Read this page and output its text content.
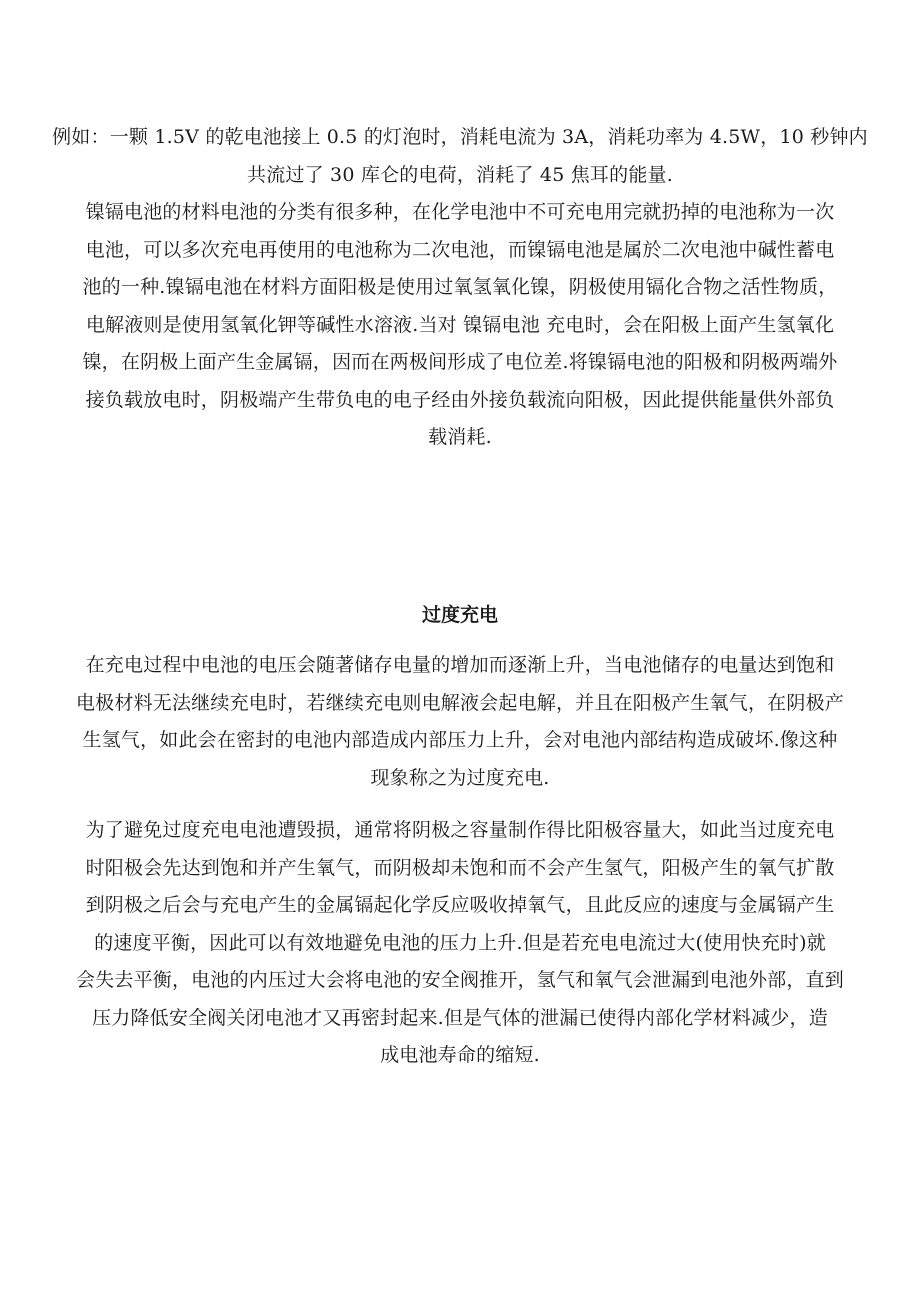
例如：一颗 1.5V 的乾电池接上 0.5 的灯泡时，消耗电流为 3A，消耗功率为 4.5W，10 秒钟内
共流过了 30 库仑的电荷，消耗了 45 焦耳的能量.

镍镉电池的材料电池的分类有很多种，在化学电池中不可充电用完就扔掉的电池称为一次
电池，可以多次充电再使用的电池称为二次电池，而镍镉电池是属於二次电池中碱性蓄电
池的一种.镍镉电池在材料方面阳极是使用过氧氢氧化镍，阴极使用镉化合物之活性物质，
电解液则是使用氢氧化钾等碱性水溶液.当对 镍镉电池 充电时，会在阳极上面产生氢氧化
镍，在阴极上面产生金属镉，因而在两极间形成了电位差.将镍镉电池的阳极和阴极两端外
接负载放电时，阴极端产生带负电的电子经由外接负载流向阳极，因此提供能量供外部负
载消耗.

过度充电

在充电过程中电池的电压会随著储存电量的增加而逐渐上升，当电池储存的电量达到饱和
电极材料无法继续充电时，若继续充电则电解液会起电解，并且在阳极产生氧气，在阴极产
生氢气，如此会在密封的电池内部造成内部压力上升，会对电池内部结构造成破坏.像这种
现象称之为过度充电.

为了避免过度充电电池遭毁损，通常将阴极之容量制作得比阳极容量大，如此当过度充电
时阳极会先达到饱和并产生氧气，而阴极却未饱和而不会产生氢气，阳极产生的氧气扩散
到阴极之后会与充电产生的金属镉起化学反应吸收掉氧气，且此反应的速度与金属镉产生
的速度平衡，因此可以有效地避免电池的压力上升.但是若充电电流过大(使用快充时)就
会失去平衡，电池的内压过大会将电池的安全阀推开，氢气和氧气会泄漏到电池外部，直到
压力降低安全阀关闭电池才又再密封起来.但是气体的泄漏已使得内部化学材料减少，造
成电池寿命的缩短.
